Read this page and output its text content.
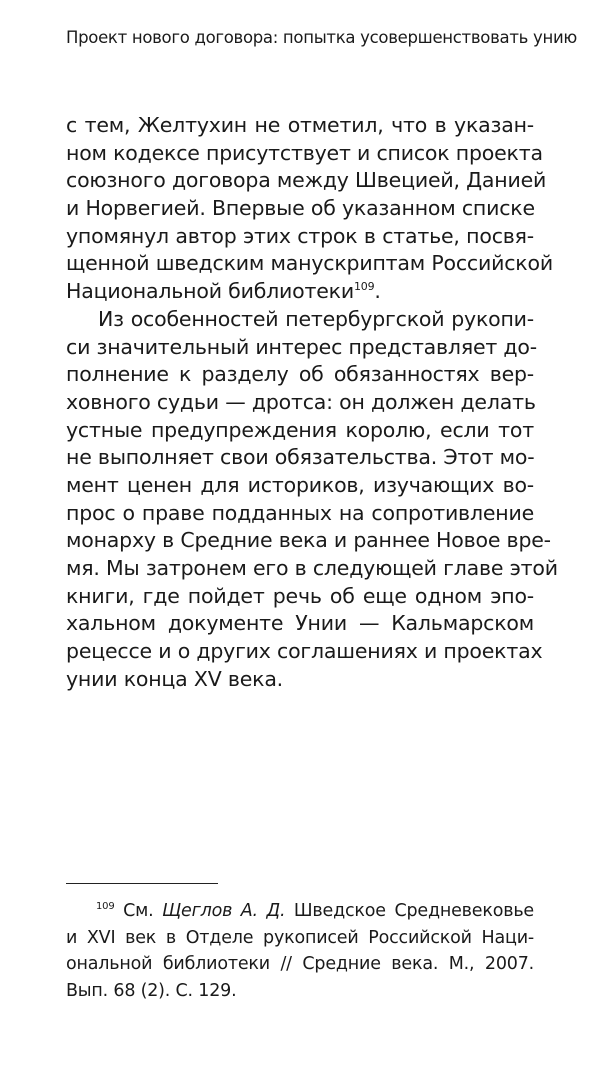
Проект нового договора: попытка усовершенствовать унию
с тем, Желтухин не отметил, что в указан-
ном кодексе присутствует и список проекта
союзного договора между Швецией, Данией
и Норвегией. Впервые об указанном списке
упомянул автор этих строк в статье, посвя-
щенной шведским манускриптам Российской
Национальной библиотеки$^{109}$.
Из особенностей петербургской рукопи-
си значительный интерес представляет до-
полнение к разделу об обязанностях вер-
ховного судьи — дротса: он должен делать
устные предупреждения королю, если тот
не выполняет свои обязательства. Этот мо-
мент ценен для историков, изучающих во-
прос о праве подданных на сопротивление
монарху в Средние века и раннее Новое вре-
мя. Мы затронем его в следующей главе этой
книги, где пойдет речь об еще одном эпо-
хальном документе Унии — Кальмарском
рецессе и о других соглашениях и проектах
унии конца XV века.
$^{109}$ См. Щеглов А. Д. Шведское Средневековье
и XVI век в Отделе рукописей Российской Наци-
ональной библиотеки // Средние века. М., 2007.
Вып. 68 (2). С. 129.
